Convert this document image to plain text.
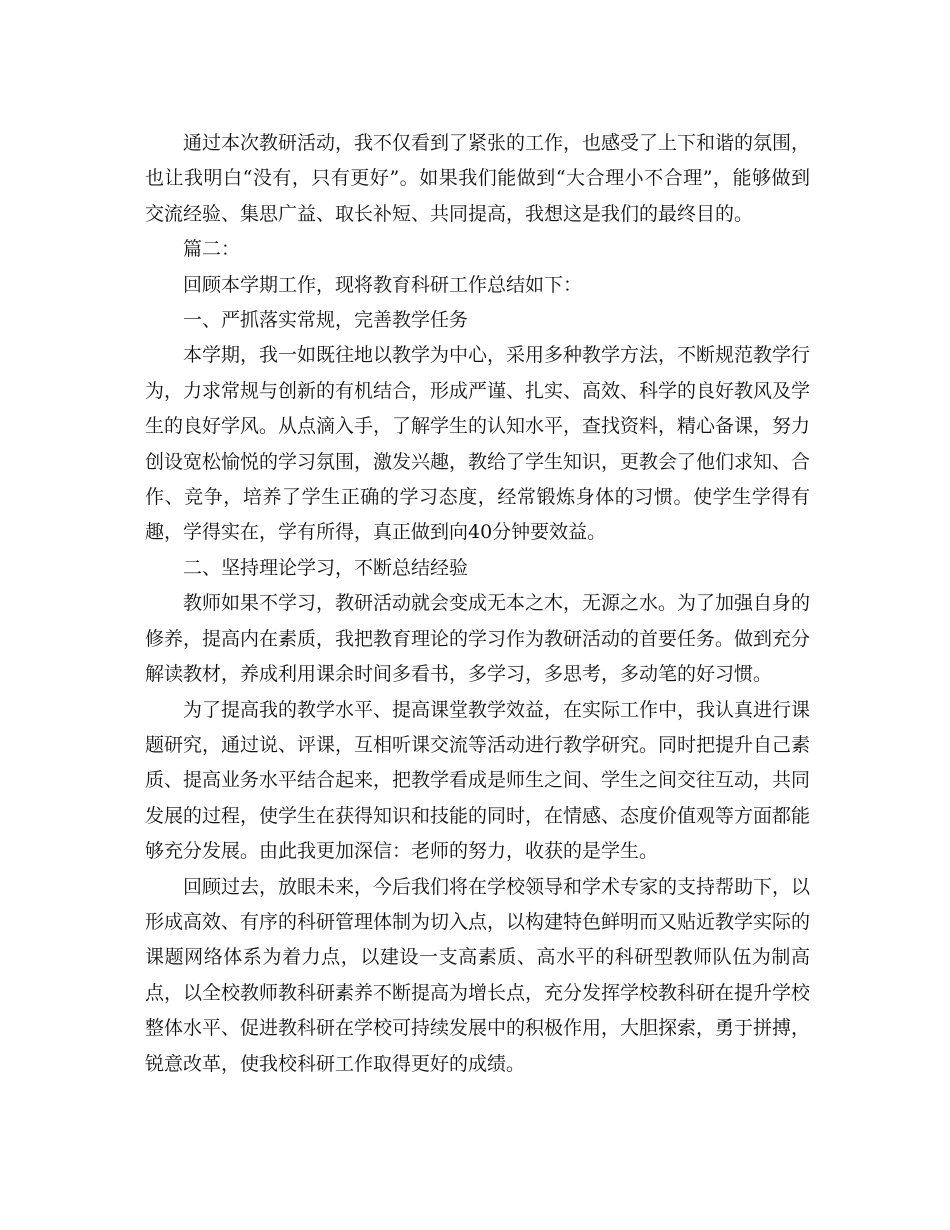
通过本次教研活动，我不仅看到了紧张的工作，也感受了上下和谐的氛围，也让我明白“没有，只有更好”。如果我们能做到“大合理小不合理”，能够做到交流经验、集思广益、取长补短、共同提高，我想这是我们的最终目的。

篇二：

回顾本学期工作，现将教育科研工作总结如下：

一、严抓落实常规，完善教学任务

本学期，我一如既往地以教学为中心，采用多种教学方法，不断规范教学行为，力求常规与创新的有机结合，形成严谨、扎实、高效、科学的良好教风及学生的良好学风。从点滴入手，了解学生的认知水平，查找资料，精心备课，努力创设宽松愉悦的学习氛围，激发兴趣，教给了学生知识，更教会了他们求知、合作、竞争，培养了学生正确的学习态度，经常锻炼身体的习惯。使学生学得有趣，学得实在，学有所得，真正做到向40分钟要效益。

二、坚持理论学习，不断总结经验

教师如果不学习，教研活动就会变成无本之木，无源之水。为了加强自身的修养，提高内在素质，我把教育理论的学习作为教研活动的首要任务。做到充分解读教材，养成利用课余时间多看书，多学习，多思考，多动笔的好习惯。

为了提高我的教学水平、提高课堂教学效益，在实际工作中，我认真进行课题研究，通过说、评课，互相听课交流等活动进行教学研究。同时把提升自己素质、提高业务水平结合起来，把教学看成是师生之间、学生之间交往互动，共同发展的过程，使学生在获得知识和技能的同时，在情感、态度价值观等方面都能够充分发展。由此我更加深信：老师的努力，收获的是学生。

回顾过去，放眼未来，今后我们将在学校领导和学术专家的支持帮助下，以形成高效、有序的科研管理体制为切入点，以构建特色鲜明而又贴近教学实际的课题网络体系为着力点，以建设一支高素质、高水平的科研型教师队伍为制高点，以全校教师教科研素养不断提高为增长点，充分发挥学校教科研在提升学校整体水平、促进教科研在学校可持续发展中的积极作用，大胆探索，勇于拼搏，锐意改革，使我校科研工作取得更好的成绩。
